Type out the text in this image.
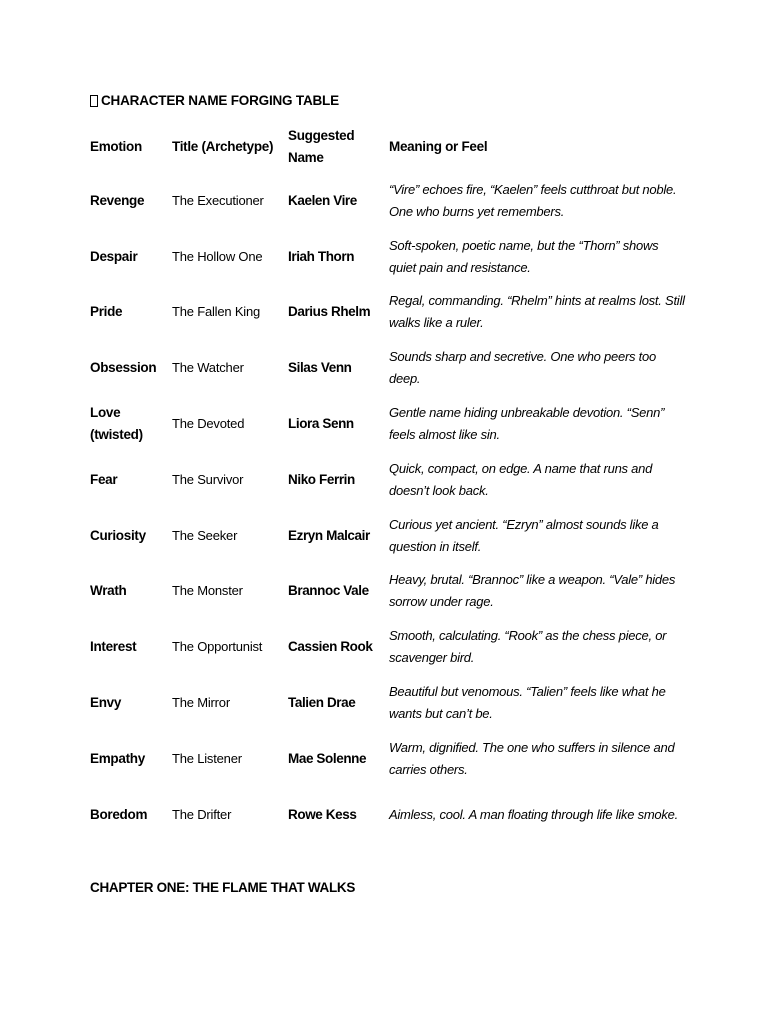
CHARACTER NAME FORGING TABLE
Emotion	Title (Archetype)	Suggested Name	Meaning or Feel
Revenge	The Executioner	Kaelen Vire	“Vire” echoes fire, “Kaelen” feels cutthroat but noble. One who burns yet remembers.
Despair	The Hollow One	Iriah Thorn	Soft-spoken, poetic name, but the “Thorn” shows quiet pain and resistance.
Pride	The Fallen King	Darius Rhelm	Regal, commanding. “Rhelm” hints at realms lost. Still walks like a ruler.
Obsession	The Watcher	Silas Venn	Sounds sharp and secretive. One who peers too deep.
Love (twisted)	The Devoted	Liora Senn	Gentle name hiding unbreakable devotion. “Senn” feels almost like sin.
Fear	The Survivor	Niko Ferrin	Quick, compact, on edge. A name that runs and doesn’t look back.
Curiosity	The Seeker	Ezryn Malcair	Curious yet ancient. “Ezryn” almost sounds like a question in itself.
Wrath	The Monster	Brannoc Vale	Heavy, brutal. “Brannoc” like a weapon. “Vale” hides sorrow under rage.
Interest	The Opportunist	Cassien Rook	Smooth, calculating. “Rook” as the chess piece, or scavenger bird.
Envy	The Mirror	Talien Drae	Beautiful but venomous. “Talien” feels like what he wants but can’t be.
Empathy	The Listener	Mae Solenne	Warm, dignified. The one who suffers in silence and carries others.
Boredom	The Drifter	Rowe Kess	Aimless, cool. A man floating through life like smoke.
CHAPTER ONE: THE FLAME THAT WALKS
